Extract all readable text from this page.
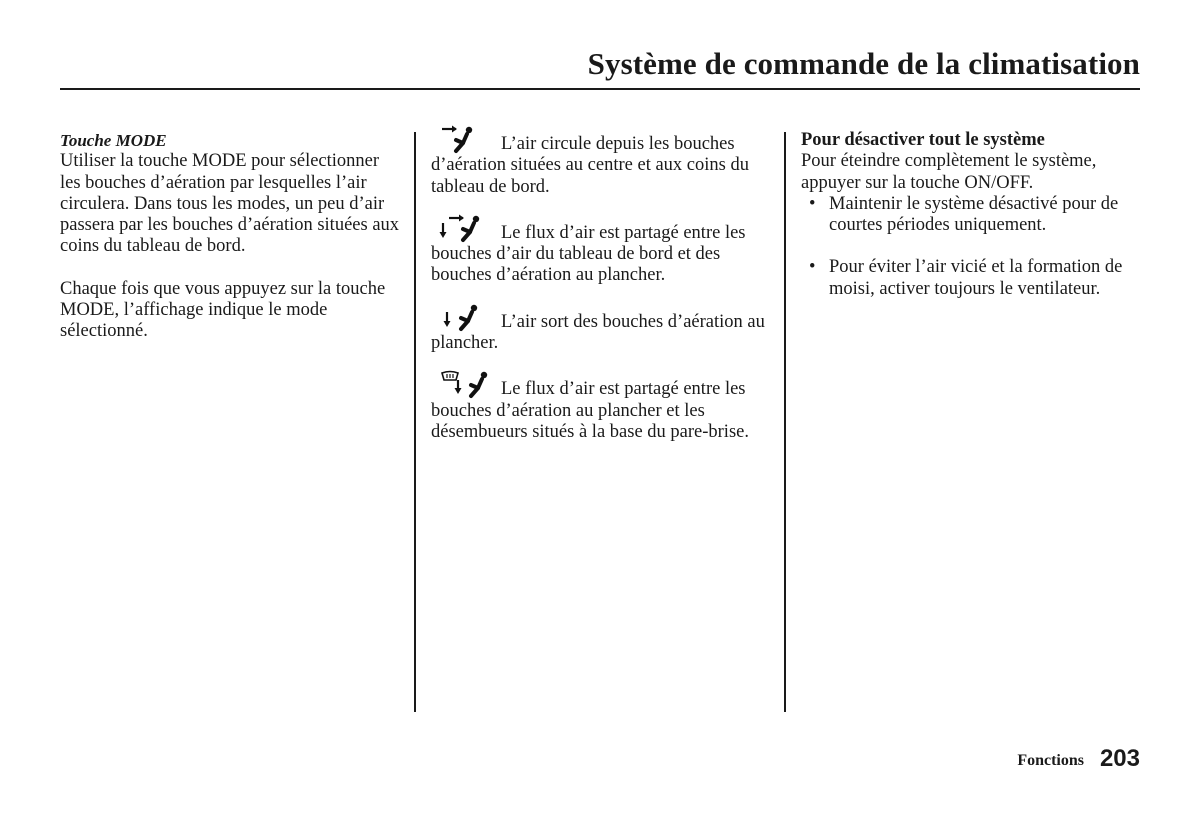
Système de commande de la climatisation

Touche MODE

Utiliser la touche MODE pour sélectionner les bouches d’aération par lesquelles l’air circulera. Dans tous les modes, un peu d’air passera par les bouches d’aération situées aux coins du tableau de bord.

Chaque fois que vous appuyez sur la touche MODE, l’affichage indique le mode sélectionné.

L’air circule depuis les bouches d’aération situées au centre et aux coins du tableau de bord.

Le flux d’air est partagé entre les bouches d’air du tableau de bord et des bouches d’aération au plancher.

L’air sort des bouches d’aération au plancher.

Le flux d’air est partagé entre les bouches d’aération au plancher et les désembueurs situés à la base du pare-brise.

Pour désactiver tout le système

Pour éteindre complètement le système, appuyer sur la touche ON/OFF.

• Maintenir le système désactivé pour de courtes périodes uniquement.
• Pour éviter l’air vicié et la formation de moisi, activer toujours le ventilateur.
Fonctions 203
